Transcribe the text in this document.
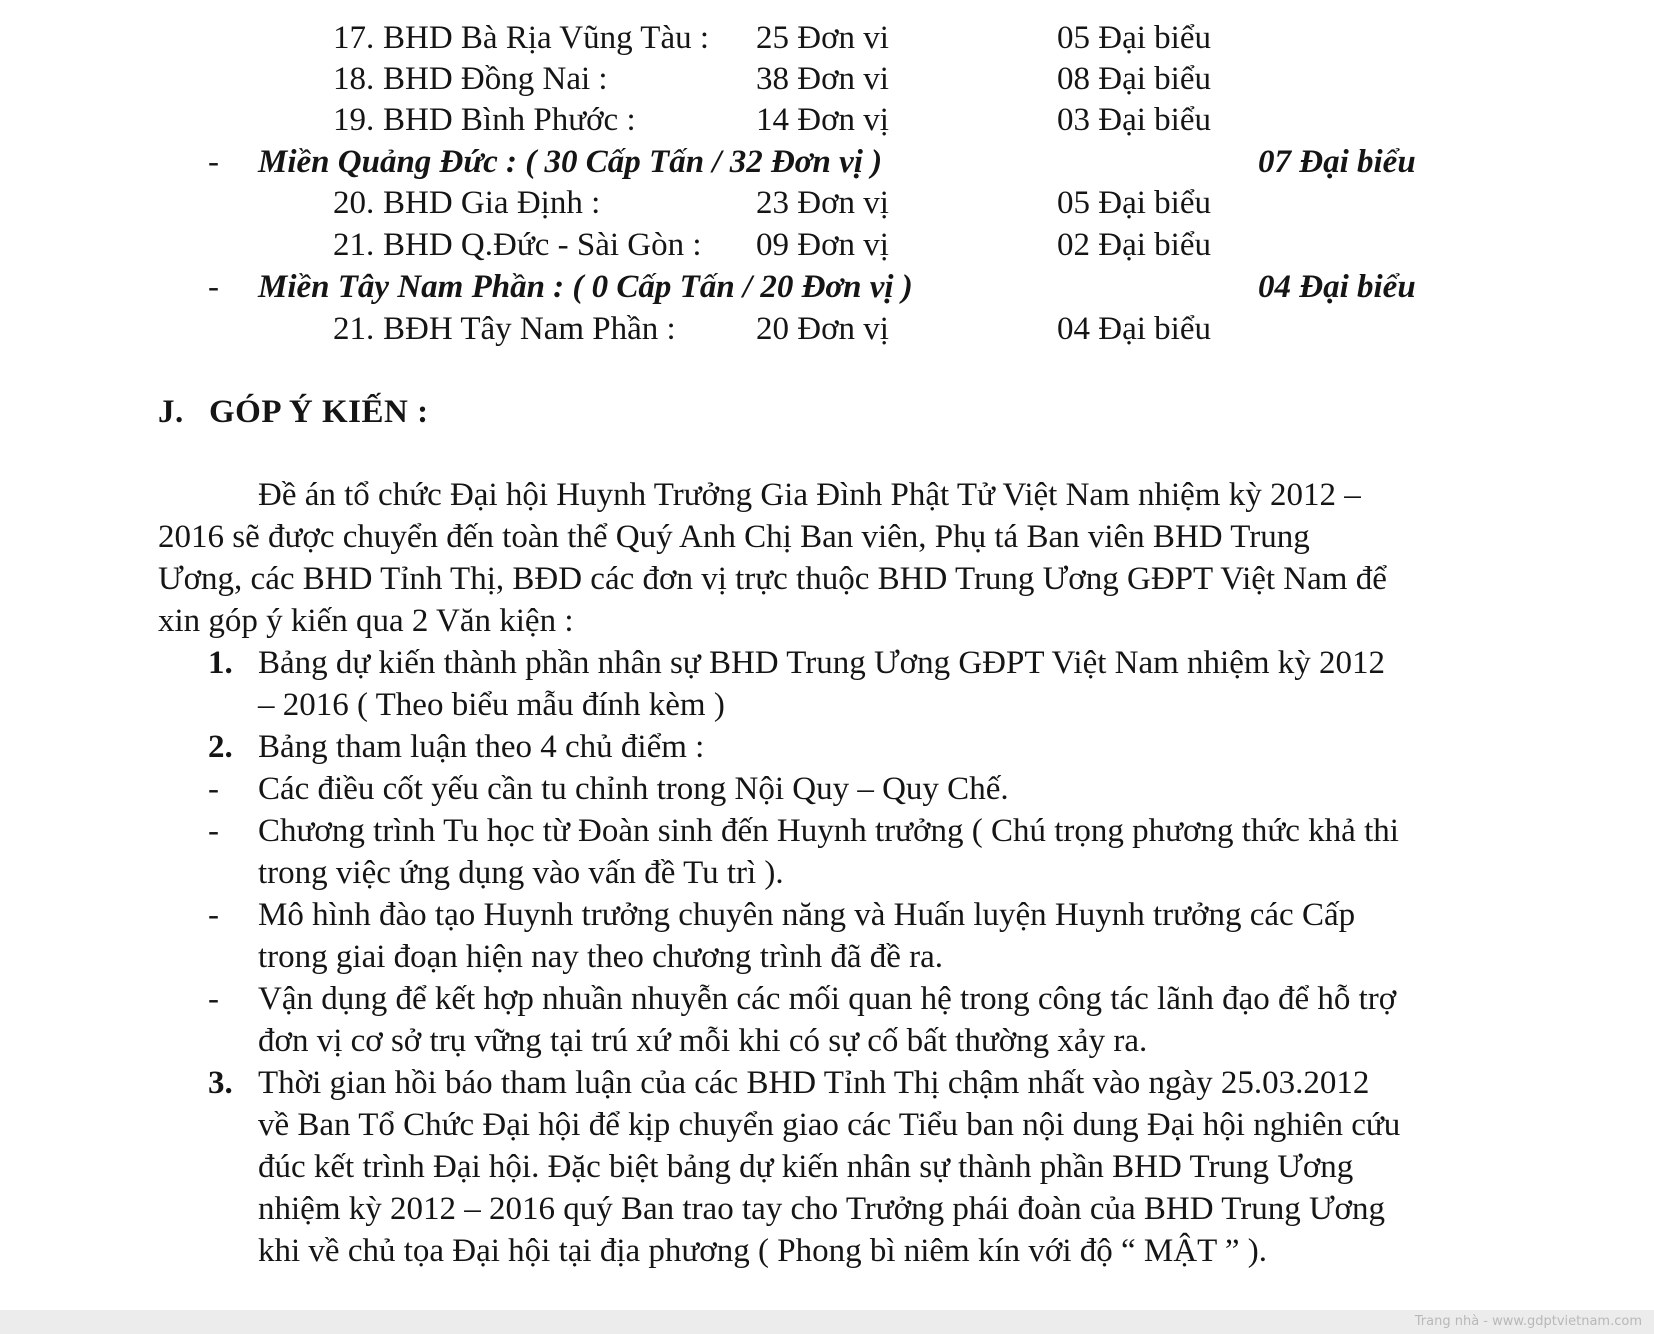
17. BHD Bà Rịa Vũng Tàu : 25 Đơn vi	05 Đại biểu
18. BHD Đồng Nai :	38 Đơn vi	08 Đại biểu
19. BHD Bình Phước :	14 Đơn vị	03 Đại biểu
- Miền Quảng Đức : ( 30 Cấp Tấn / 32 Đơn vị )	07 Đại biểu
20. BHD Gia Định :	23 Đơn vị	05 Đại biểu
21. BHD Q.Đức - Sài Gòn : 09 Đơn vị	02 Đại biểu
- Miền Tây Nam Phần : ( 0 Cấp Tấn / 20 Đơn vị )	04 Đại biểu
21. BĐH Tây Nam Phần : 20 Đơn vị	04 Đại biểu
J. GÓP Ý KIẾN :
Đề án tổ chức Đại hội Huynh Trưởng Gia Đình Phật Tử Việt Nam nhiệm kỳ 2012 –
2016 sẽ được chuyển đến toàn thể Quý Anh Chị Ban viên, Phụ tá Ban viên BHD Trung
Ương, các BHD Tỉnh Thị, BĐD các đơn vị trực thuộc BHD Trung Ương GĐPT Việt Nam để
xin góp ý kiến qua 2 Văn kiện :
1. Bảng dự kiến thành phần nhân sự BHD Trung Ương GĐPT Việt Nam nhiệm kỳ 2012
– 2016 ( Theo biểu mẫu đính kèm )
2. Bảng tham luận theo 4 chủ điểm :
- Các điều cốt yếu cần tu chỉnh trong Nội Quy – Quy Chế.
- Chương trình Tu học từ Đoàn sinh đến Huynh trưởng ( Chú trọng phương thức khả thi
trong việc ứng dụng vào vấn đề Tu trì ).
- Mô hình đào tạo Huynh trưởng chuyên năng và Huấn luyện Huynh trưởng các Cấp
trong giai đoạn hiện nay theo chương trình đã đề ra.
- Vận dụng để kết hợp nhuần nhuyễn các mối quan hệ trong công tác lãnh đạo để hỗ trợ
đơn vị cơ sở trụ vững tại trú xứ mỗi khi có sự cố bất thường xảy ra.
3. Thời gian hồi báo tham luận của các BHD Tỉnh Thị chậm nhất vào ngày 25.03.2012
về Ban Tổ Chức Đại hội để kịp chuyển giao các Tiểu ban nội dung Đại hội nghiên cứu
đúc kết trình Đại hội. Đặc biệt bảng dự kiến nhân sự thành phần BHD Trung Ương
nhiệm kỳ 2012 – 2016 quý Ban trao tay cho Trưởng phái đoàn của BHD Trung Ương
khi về chủ tọa Đại hội tại địa phương ( Phong bì niêm kín với độ “ MẬT ” ).
Trang nhà - www.gdptvietnam.com
